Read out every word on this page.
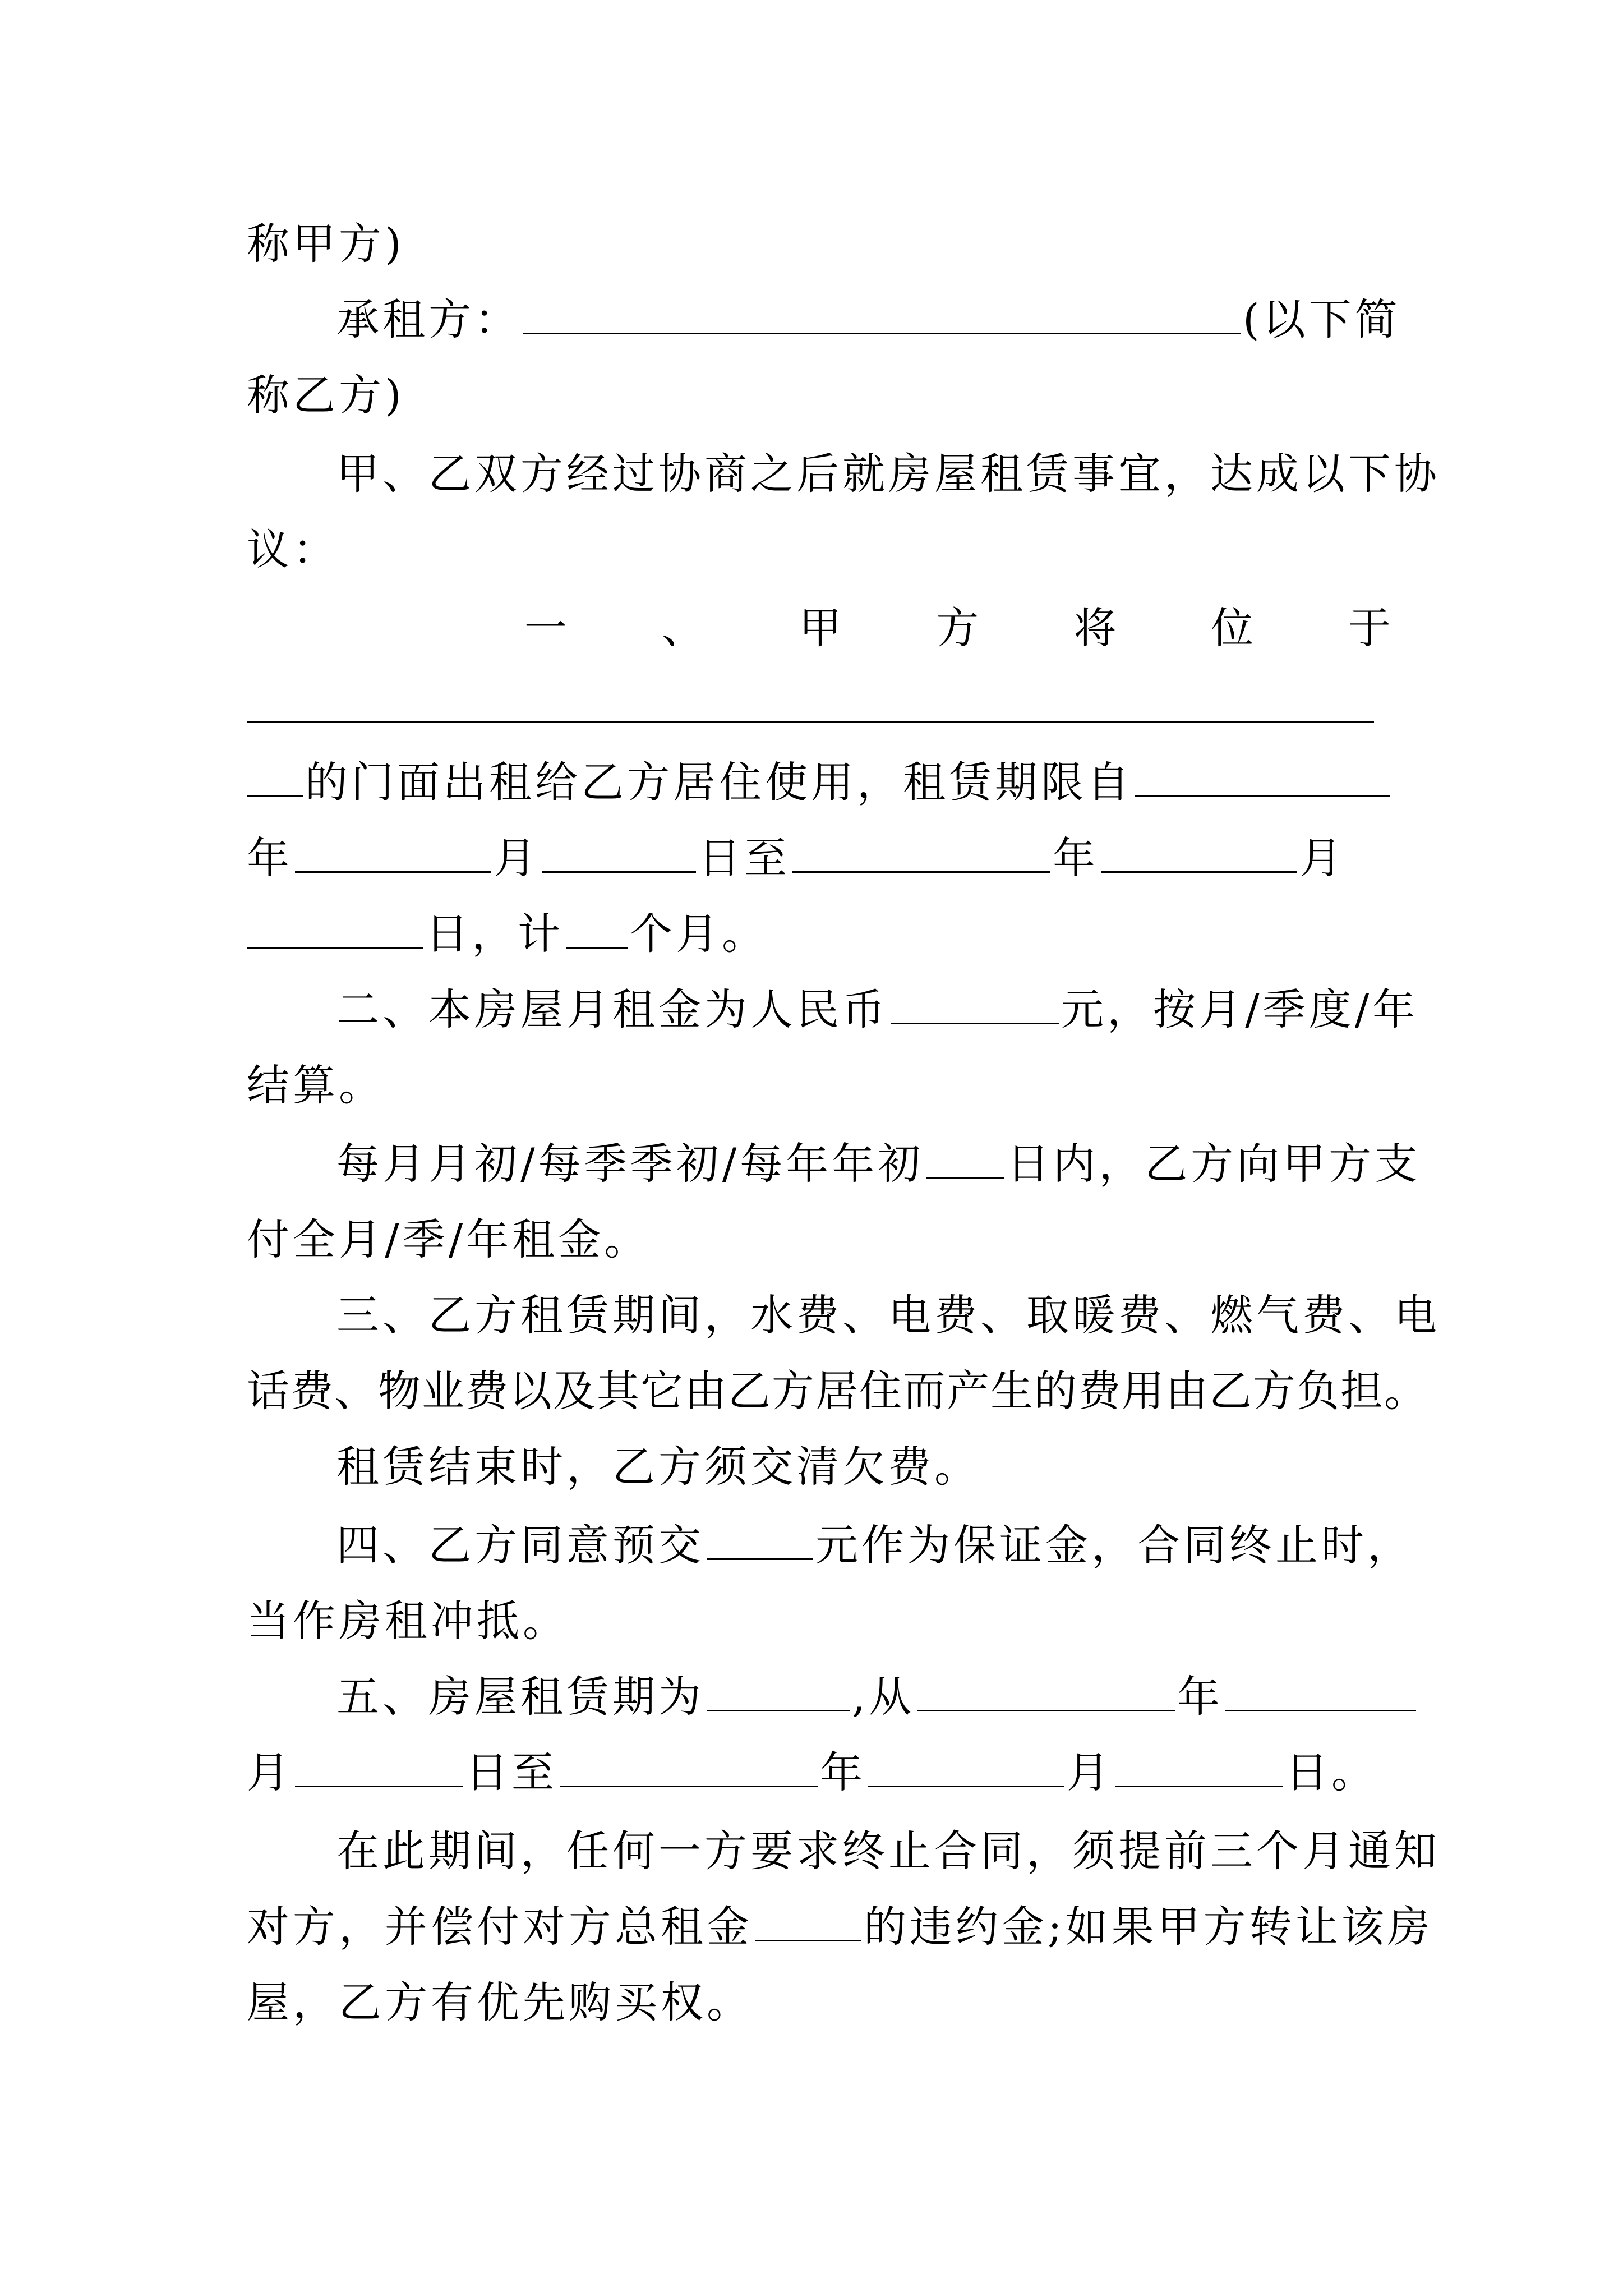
称甲方)
承租方：	(以下简
称乙方)
甲、乙双方经过协商之后就房屋租赁事宜，达成以下协
议：
一 、 甲 方 将 位 于
的门面出租给乙方居住使用，租赁期限自
年	月	日至	年	月
日，计 个月。
二、本房屋月租金为人民币	元，按月/季度/年
结算。
每月月初/每季季初/每年年初 日内，乙方向甲方支
付全月/季/年租金。
三、乙方租赁期间，水费、电费、取暖费、燃气费、电
话费、物业费以及其它由乙方居住而产生的费用由乙方负担。
租赁结束时，乙方须交清欠费。
四、乙方同意预交	元作为保证金，合同终止时，
当作房租冲抵。
五、房屋租赁期为	,从	年
月	日至	年	月	日。
在此期间，任何一方要求终止合同，须提前三个月通知
对方，并偿付对方总租金	的违约金;如果甲方转让该房
屋，乙方有优先购买权。
